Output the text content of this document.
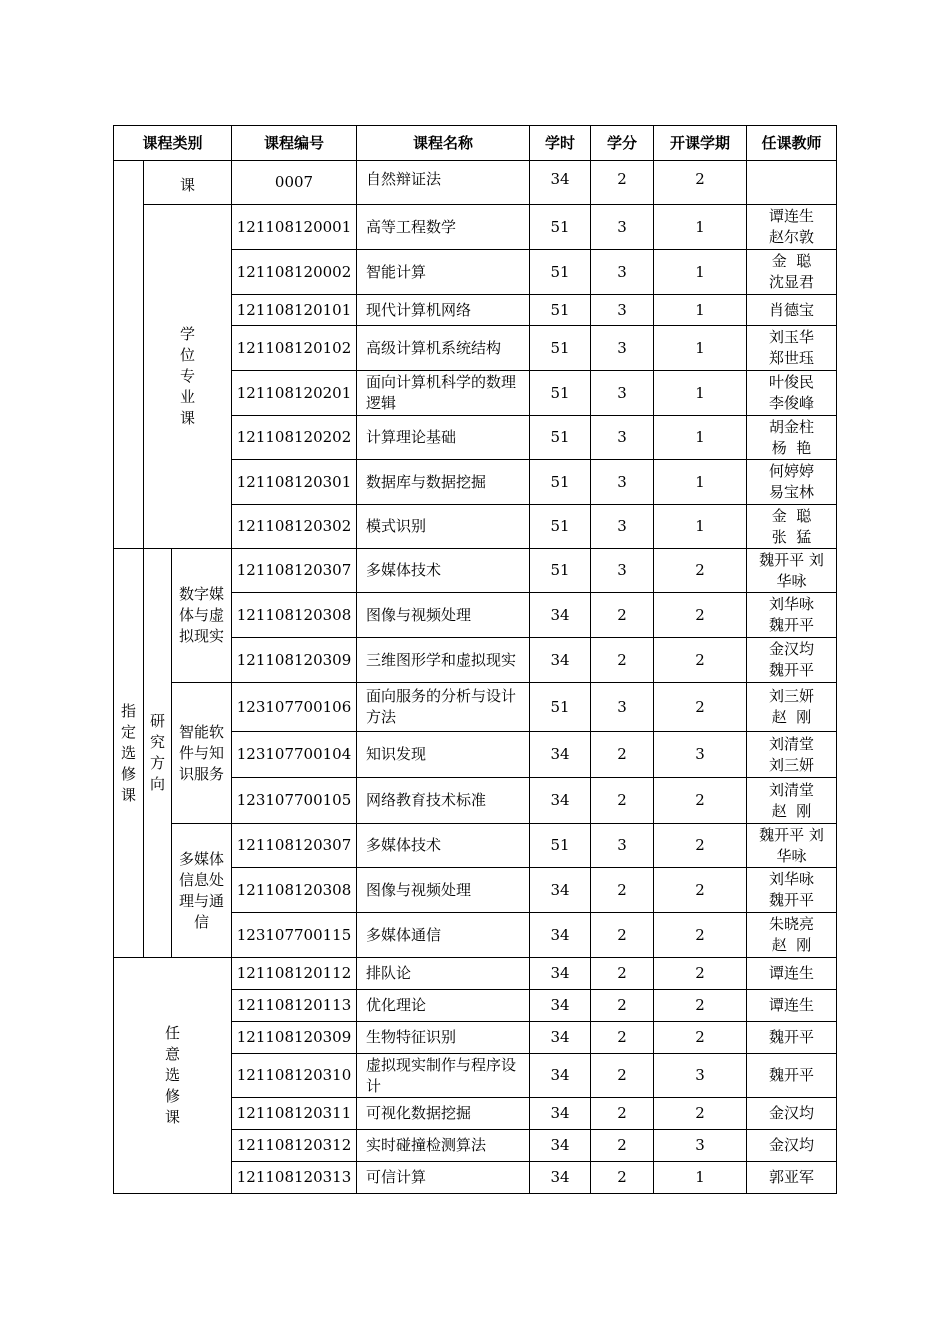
课程类别			课程编号	课程名称	学时	学分	开课学期	任课教师
	课		0007	自然辩证法	34	2	2	
	学
位
专
业
课		121108120001	高等工程数学	51	3	1	谭连生
赵尔敦
			121108120002	智能计算	51	3	1	金  聪
沈显君
			121108120101	现代计算机网络	51	3	1	肖德宝
			121108120102	高级计算机系统结构	51	3	1	刘玉华
郑世珏
			121108120201	面向计算机科学的数理逻辑	51	3	1	叶俊民
李俊峰
			121108120202	计算理论基础	51	3	1	胡金柱
杨  艳
			121108120301	数据库与数据挖掘	51	3	1	何婷婷
易宝林
			121108120302	模式识别	51	3	1	金  聪
张  猛
指
定
选
修
课	研
究
方
向	数字媒
体与虚
拟现实	121108120307	多媒体技术	51	3	2	魏开平 刘
华咏
			121108120308	图像与视频处理	34	2	2	刘华咏
魏开平
			121108120309	三维图形学和虚拟现实	34	2	2	金汉均
魏开平
		智能软
件与知
识服务	123107700106	面向服务的分析与设计方法	51	3	2	刘三妍
赵  刚
			123107700104	知识发现	34	2	3	刘清堂
刘三妍
			123107700105	网络教育技术标准	34	2	2	刘清堂
赵  刚
		多媒体
信息处
理与通
信	121108120307	多媒体技术	51	3	2	魏开平 刘
华咏
			121108120308	图像与视频处理	34	2	2	刘华咏
魏开平
			123107700115	多媒体通信	34	2	2	朱晓亮
赵  刚
任
意
选
修
课			121108120112	排队论	34	2	2	谭连生
			121108120113	优化理论	34	2	2	谭连生
			121108120309	生物特征识别	34	2	2	魏开平
			121108120310	虚拟现实制作与程序设计	34	2	3	魏开平
			121108120311	可视化数据挖掘	34	2	2	金汉均
			121108120312	实时碰撞检测算法	34	2	3	金汉均
			121108120313	可信计算	34	2	1	郭亚军
